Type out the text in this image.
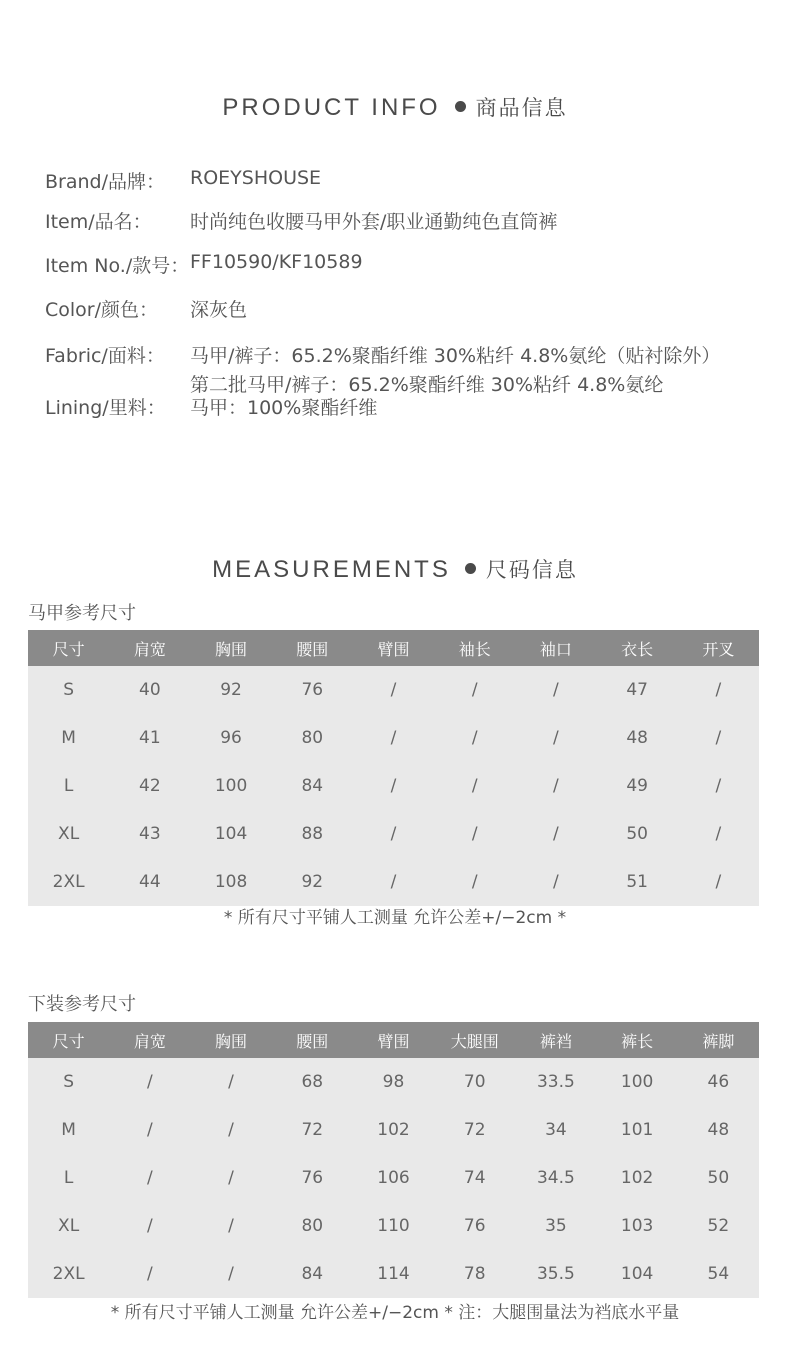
PRODUCT INFO 商品信息
Brand/品牌： ROEYSHOUSE
Item/品名： 时尚纯色收腰马甲外套/职业通勤纯色直筒裤
Item No./款号： FF10590/KF10589
Color/颜色： 深灰色
Fabric/面料： 马甲/裤子：65.2%聚酯纤维 30%粘纤 4.8%氨纶（贴衬除外）
第二批马甲/裤子：65.2%聚酯纤维 30%粘纤 4.8%氨纶
Lining/里料： 马甲：100%聚酯纤维
MEASUREMENTS 尺码信息
马甲参考尺寸
尺寸	肩宽	胸围	腰围	臂围	袖长	袖口	衣长	开叉
S	40	92	76	/	/	/	47	/
M	41	96	80	/	/	/	48	/
L	42	100	84	/	/	/	49	/
XL	43	104	88	/	/	/	50	/
2XL	44	108	92	/	/	/	51	/
* 所有尺寸平铺人工测量 允许公差+/−2cm *
下装参考尺寸
尺寸	肩宽	胸围	腰围	臂围	大腿围	裤裆	裤长	裤脚
S	/	/	68	98	70	33.5	100	46
M	/	/	72	102	72	34	101	48
L	/	/	76	106	74	34.5	102	50
XL	/	/	80	110	76	35	103	52
2XL	/	/	84	114	78	35.5	104	54
* 所有尺寸平铺人工测量 允许公差+/−2cm * 注：大腿围量法为裆底水平量
